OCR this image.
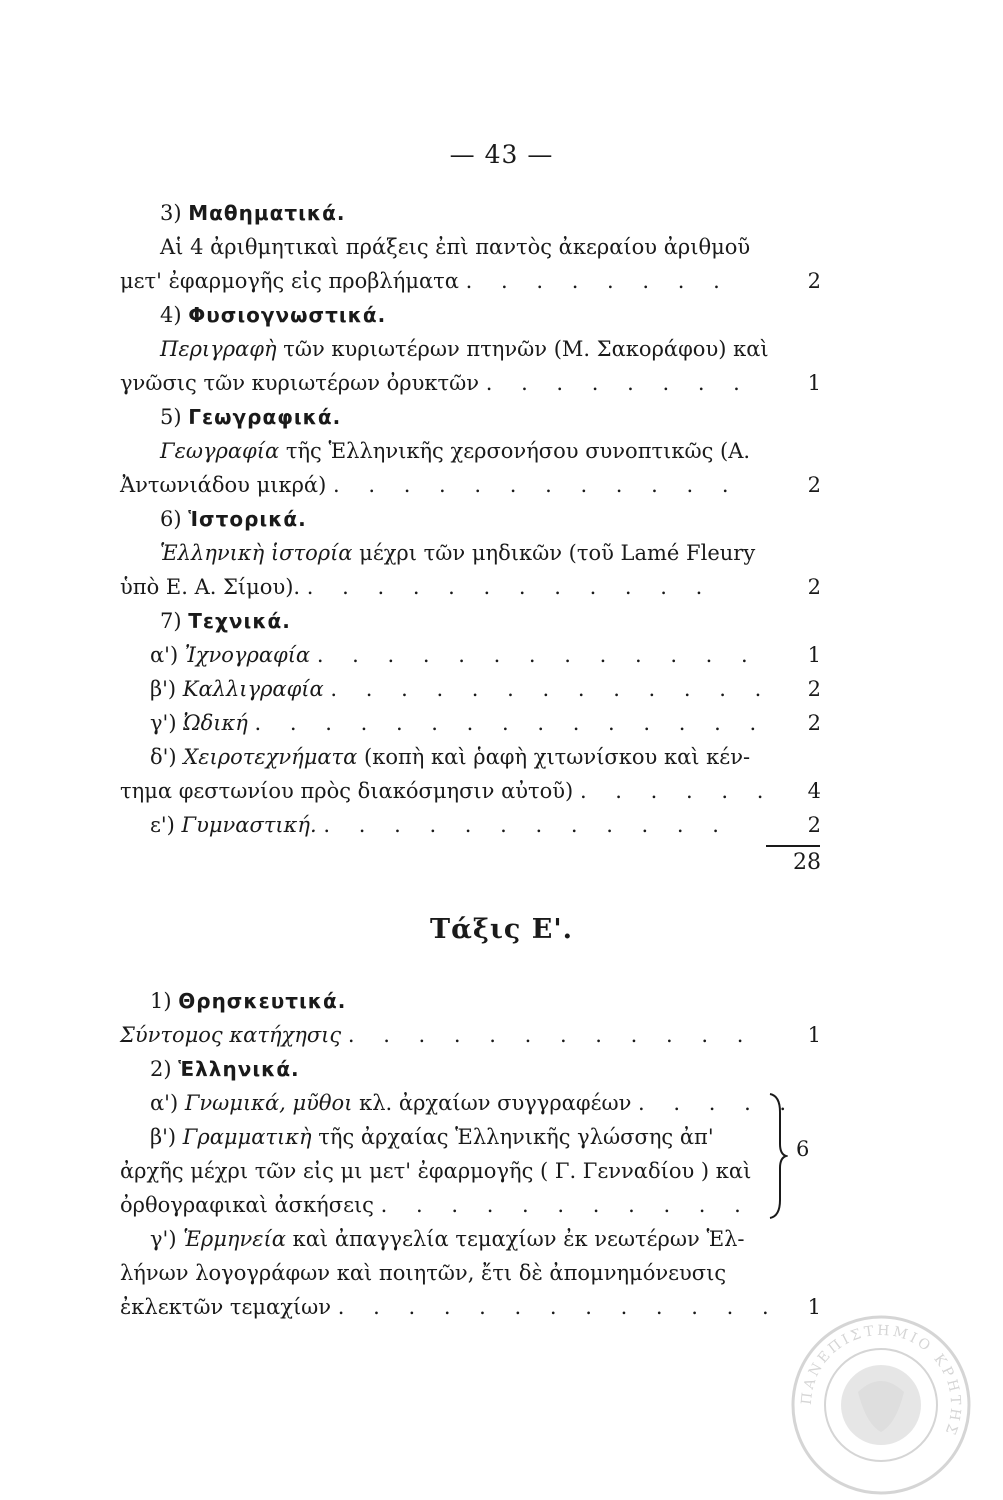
— 43 —
3) Μαθηματικά.
Αἱ 4 ἀριθμητικαὶ πράξεις ἐπὶ παντὸς ἀκεραίου ἀριθμοῦ
μετ' ἐφαρμογῆς εἰς προβλήματα . . . . . . . .	2
4) Φυσιογνωστικά.
Περιγραφὴ τῶν κυριωτέρων πτηνῶν (Μ. Σακοράφου) καὶ
γνῶσις τῶν κυριωτέρων ὀρυκτῶν . . . . . . . .	1
5) Γεωγραφικά.
Γεωγραφία τῆς Ἑλληνικῆς χερσονήσου συνοπτικῶς (Α.
Ἀντωνιάδου μικρά) . . . . . . . . . . . .	2
6) Ἱστορικά.
Ἑλληνικὴ ἱστορία μέχρι τῶν μηδικῶν (τοῦ Lamé Fleury
ὑπὸ Ε. Α. Σίμου). . . . . . . . . . . . .	2
7) Τεχνικά.
α') Ἰχνογραφία . . . . . . . . . . . . .	1
β') Καλλιγραφία . . . . . . . . . . . . .	2
γ') Ὠδική . . . . . . . . . . . . . . .	2
δ') Χειροτεχνήματα (κοπὴ καὶ ῥαφὴ χιτωνίσκου καὶ κέν-
τημα φεστωνίου πρὸς διακόσμησιν αὐτοῦ) . . . . . .	4
ε') Γυμναστική. . . . . . . . . . . . .	2
28
Τάξις Ε'.
1) Θρησκευτικά.
Σύντομος κατήχησις . . . . . . . . . . . .	1
2) Ἑλληνικά.
α') Γνωμικά, μῦθοι κλ. ἀρχαίων συγγραφέων . . . . .
β') Γραμματικὴ τῆς ἀρχαίας Ἑλληνικῆς γλώσσης ἀπ'
ἀρχῆς μέχρι τῶν εἰς μι μετ' ἐφαρμογῆς ( Γ. Γενναδίου ) καὶ
ὀρθογραφικαὶ ἀσκήσεις . . . . . . . . . . .
γ') Ἑρμηνεία καὶ ἀπαγγελία τεμαχίων ἐκ νεωτέρων Ἑλ-
λήνων λογογράφων καὶ ποιητῶν, ἔτι δὲ ἀπομνημόνευσις
ἐκλεκτῶν τεμαχίων . . . . . . . . . . . . .	1
6
ΠΑΝΕΠΙΣΤΗΜΙΟ ΚΡΗΤΗΣ
